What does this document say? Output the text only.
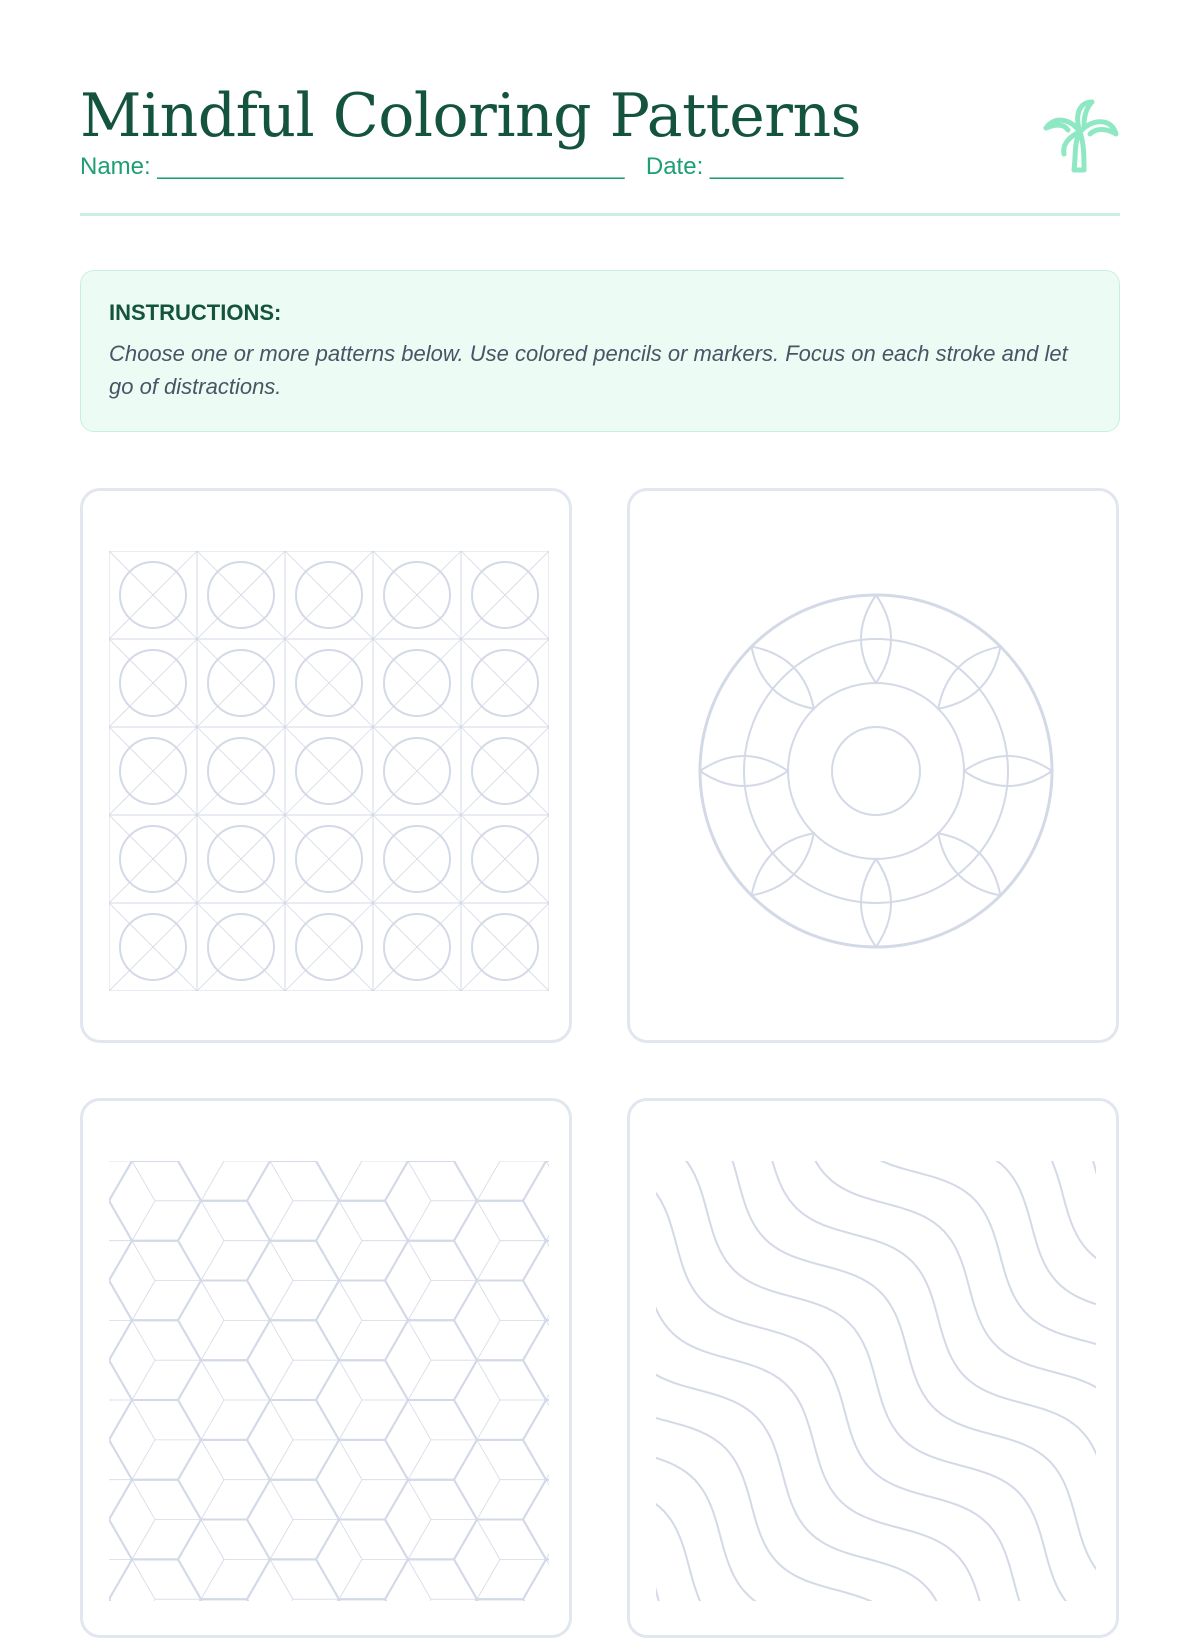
Mindful Coloring Patterns
Name: ___________________________________ Date: __________

INSTRUCTIONS:

Choose one or more patterns below. Use colored pencils or markers. Focus on each stroke and let go of distractions.
